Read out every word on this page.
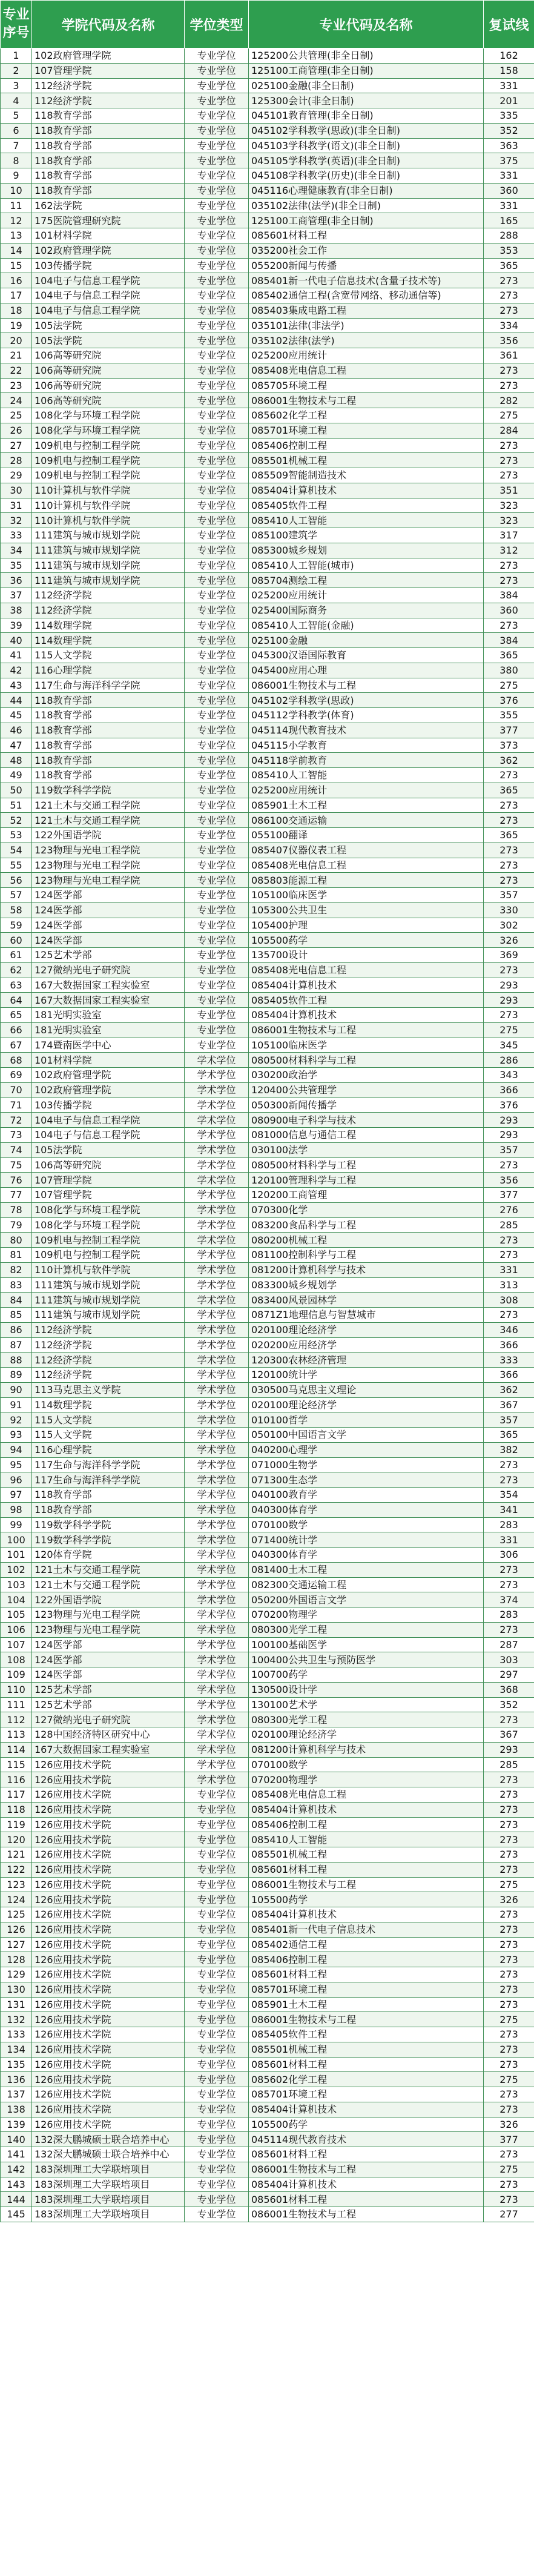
专业
序号	学院代码及名称	学位类型	专业代码及名称	复试线
1	102政府管理学院	专业学位	125200公共管理(非全日制)	162
2	107管理学院	专业学位	125100工商管理(非全日制)	158
3	112经济学院	专业学位	025100金融(非全日制)	331
4	112经济学院	专业学位	125300会计(非全日制)	201
5	118教育学部	专业学位	045101教育管理(非全日制)	335
6	118教育学部	专业学位	045102学科教学(思政)(非全日制)	352
7	118教育学部	专业学位	045103学科教学(语文)(非全日制)	363
8	118教育学部	专业学位	045105学科教学(英语)(非全日制)	375
9	118教育学部	专业学位	045108学科教学(历史)(非全日制)	331
10	118教育学部	专业学位	045116心理健康教育(非全日制)	360
11	162法学院	专业学位	035102法律(法学)(非全日制)	331
12	175医院管理研究院	专业学位	125100工商管理(非全日制)	165
13	101材料学院	专业学位	085601材料工程	288
14	102政府管理学院	专业学位	035200社会工作	353
15	103传播学院	专业学位	055200新闻与传播	365
16	104电子与信息工程学院	专业学位	085401新一代电子信息技术(含量子技术等)	273
17	104电子与信息工程学院	专业学位	085402通信工程(含宽带网络、移动通信等)	273
18	104电子与信息工程学院	专业学位	085403集成电路工程	273
19	105法学院	专业学位	035101法律(非法学)	334
20	105法学院	专业学位	035102法律(法学)	356
21	106高等研究院	专业学位	025200应用统计	361
22	106高等研究院	专业学位	085408光电信息工程	273
23	106高等研究院	专业学位	085705环境工程	273
24	106高等研究院	专业学位	086001生物技术与工程	282
25	108化学与环境工程学院	专业学位	085602化学工程	275
26	108化学与环境工程学院	专业学位	085701环境工程	284
27	109机电与控制工程学院	专业学位	085406控制工程	273
28	109机电与控制工程学院	专业学位	085501机械工程	273
29	109机电与控制工程学院	专业学位	085509智能制造技术	273
30	110计算机与软件学院	专业学位	085404计算机技术	351
31	110计算机与软件学院	专业学位	085405软件工程	323
32	110计算机与软件学院	专业学位	085410人工智能	323
33	111建筑与城市规划学院	专业学位	085100建筑学	317
34	111建筑与城市规划学院	专业学位	085300城乡规划	312
35	111建筑与城市规划学院	专业学位	085410人工智能(城市)	273
36	111建筑与城市规划学院	专业学位	085704测绘工程	273
37	112经济学院	专业学位	025200应用统计	384
38	112经济学院	专业学位	025400国际商务	360
39	114数理学院	专业学位	085410人工智能(金融)	273
40	114数理学院	专业学位	025100金融	384
41	115人文学院	专业学位	045300汉语国际教育	365
42	116心理学院	专业学位	045400应用心理	380
43	117生命与海洋科学学院	专业学位	086001生物技术与工程	275
44	118教育学部	专业学位	045102学科教学(思政)	376
45	118教育学部	专业学位	045112学科教学(体育)	355
46	118教育学部	专业学位	045114现代教育技术	377
47	118教育学部	专业学位	045115小学教育	373
48	118教育学部	专业学位	045118学前教育	362
49	118教育学部	专业学位	085410人工智能	273
50	119数学科学学院	专业学位	025200应用统计	365
51	121土木与交通工程学院	专业学位	085901土木工程	273
52	121土木与交通工程学院	专业学位	086100交通运输	273
53	122外国语学院	专业学位	055100翻译	365
54	123物理与光电工程学院	专业学位	085407仪器仪表工程	273
55	123物理与光电工程学院	专业学位	085408光电信息工程	273
56	123物理与光电工程学院	专业学位	085803能源工程	273
57	124医学部	专业学位	105100临床医学	357
58	124医学部	专业学位	105300公共卫生	330
59	124医学部	专业学位	105400护理	302
60	124医学部	专业学位	105500药学	326
61	125艺术学部	专业学位	135700设计	369
62	127微纳光电子研究院	专业学位	085408光电信息工程	273
63	167大数据国家工程实验室	专业学位	085404计算机技术	293
64	167大数据国家工程实验室	专业学位	085405软件工程	293
65	181光明实验室	专业学位	085404计算机技术	273
66	181光明实验室	专业学位	086001生物技术与工程	275
67	174暨南医学中心	专业学位	105100临床医学	345
68	101材料学院	学术学位	080500材料科学与工程	286
69	102政府管理学院	学术学位	030200政治学	343
70	102政府管理学院	学术学位	120400公共管理学	366
71	103传播学院	学术学位	050300新闻传播学	376
72	104电子与信息工程学院	学术学位	080900电子科学与技术	293
73	104电子与信息工程学院	学术学位	081000信息与通信工程	293
74	105法学院	学术学位	030100法学	357
75	106高等研究院	学术学位	080500材料科学与工程	273
76	107管理学院	学术学位	120100管理科学与工程	356
77	107管理学院	学术学位	120200工商管理	377
78	108化学与环境工程学院	学术学位	070300化学	276
79	108化学与环境工程学院	学术学位	083200食品科学与工程	285
80	109机电与控制工程学院	学术学位	080200机械工程	273
81	109机电与控制工程学院	学术学位	081100控制科学与工程	273
82	110计算机与软件学院	学术学位	081200计算机科学与技术	331
83	111建筑与城市规划学院	学术学位	083300城乡规划学	313
84	111建筑与城市规划学院	学术学位	083400风景园林学	308
85	111建筑与城市规划学院	学术学位	0871Z1地理信息与智慧城市	273
86	112经济学院	学术学位	020100理论经济学	346
87	112经济学院	学术学位	020200应用经济学	366
88	112经济学院	学术学位	120300农林经济管理	333
89	112经济学院	学术学位	120100统计学	366
90	113马克思主义学院	学术学位	030500马克思主义理论	362
91	114数理学院	学术学位	020100理论经济学	367
92	115人文学院	学术学位	010100哲学	357
93	115人文学院	学术学位	050100中国语言文学	365
94	116心理学院	学术学位	040200心理学	382
95	117生命与海洋科学学院	学术学位	071000生物学	273
96	117生命与海洋科学学院	学术学位	071300生态学	273
97	118教育学部	学术学位	040100教育学	354
98	118教育学部	学术学位	040300体育学	341
99	119数学科学学院	学术学位	070100数学	283
100	119数学科学学院	学术学位	071400统计学	331
101	120体育学院	学术学位	040300体育学	306
102	121土木与交通工程学院	学术学位	081400土木工程	273
103	121土木与交通工程学院	学术学位	082300交通运输工程	273
104	122外国语学院	学术学位	050200外国语言文学	374
105	123物理与光电工程学院	学术学位	070200物理学	283
106	123物理与光电工程学院	学术学位	080300光学工程	273
107	124医学部	学术学位	100100基础医学	287
108	124医学部	学术学位	100400公共卫生与预防医学	303
109	124医学部	学术学位	100700药学	297
110	125艺术学部	学术学位	130500设计学	368
111	125艺术学部	学术学位	130100艺术学	352
112	127微纳光电子研究院	学术学位	080300光学工程	273
113	128中国经济特区研究中心	学术学位	020100理论经济学	367
114	167大数据国家工程实验室	学术学位	081200计算机科学与技术	293
115	126应用技术学院	学术学位	070100数学	285
116	126应用技术学院	学术学位	070200物理学	273
117	126应用技术学院	专业学位	085408光电信息工程	273
118	126应用技术学院	专业学位	085404计算机技术	273
119	126应用技术学院	专业学位	085406控制工程	273
120	126应用技术学院	专业学位	085410人工智能	273
121	126应用技术学院	专业学位	085501机械工程	273
122	126应用技术学院	专业学位	085601材料工程	273
123	126应用技术学院	专业学位	086001生物技术与工程	275
124	126应用技术学院	专业学位	105500药学	326
125	126应用技术学院	专业学位	085404计算机技术	273
126	126应用技术学院	专业学位	085401新一代电子信息技术	273
127	126应用技术学院	专业学位	085402通信工程	273
128	126应用技术学院	专业学位	085406控制工程	273
129	126应用技术学院	专业学位	085601材料工程	273
130	126应用技术学院	专业学位	085701环境工程	273
131	126应用技术学院	专业学位	085901土木工程	273
132	126应用技术学院	专业学位	086001生物技术与工程	275
133	126应用技术学院	专业学位	085405软件工程	273
134	126应用技术学院	专业学位	085501机械工程	273
135	126应用技术学院	专业学位	085601材料工程	273
136	126应用技术学院	专业学位	085602化学工程	275
137	126应用技术学院	专业学位	085701环境工程	273
138	126应用技术学院	专业学位	085404计算机技术	273
139	126应用技术学院	专业学位	105500药学	326
140	132深大鹏城硕士联合培养中心	专业学位	045114现代教育技术	377
141	132深大鹏城硕士联合培养中心	专业学位	085601材料工程	273
142	183深圳理工大学联培项目	专业学位	086001生物技术与工程	275
143	183深圳理工大学联培项目	专业学位	085404计算机技术	273
144	183深圳理工大学联培项目	专业学位	085601材料工程	273
145	183深圳理工大学联培项目	专业学位	086001生物技术与工程	277
